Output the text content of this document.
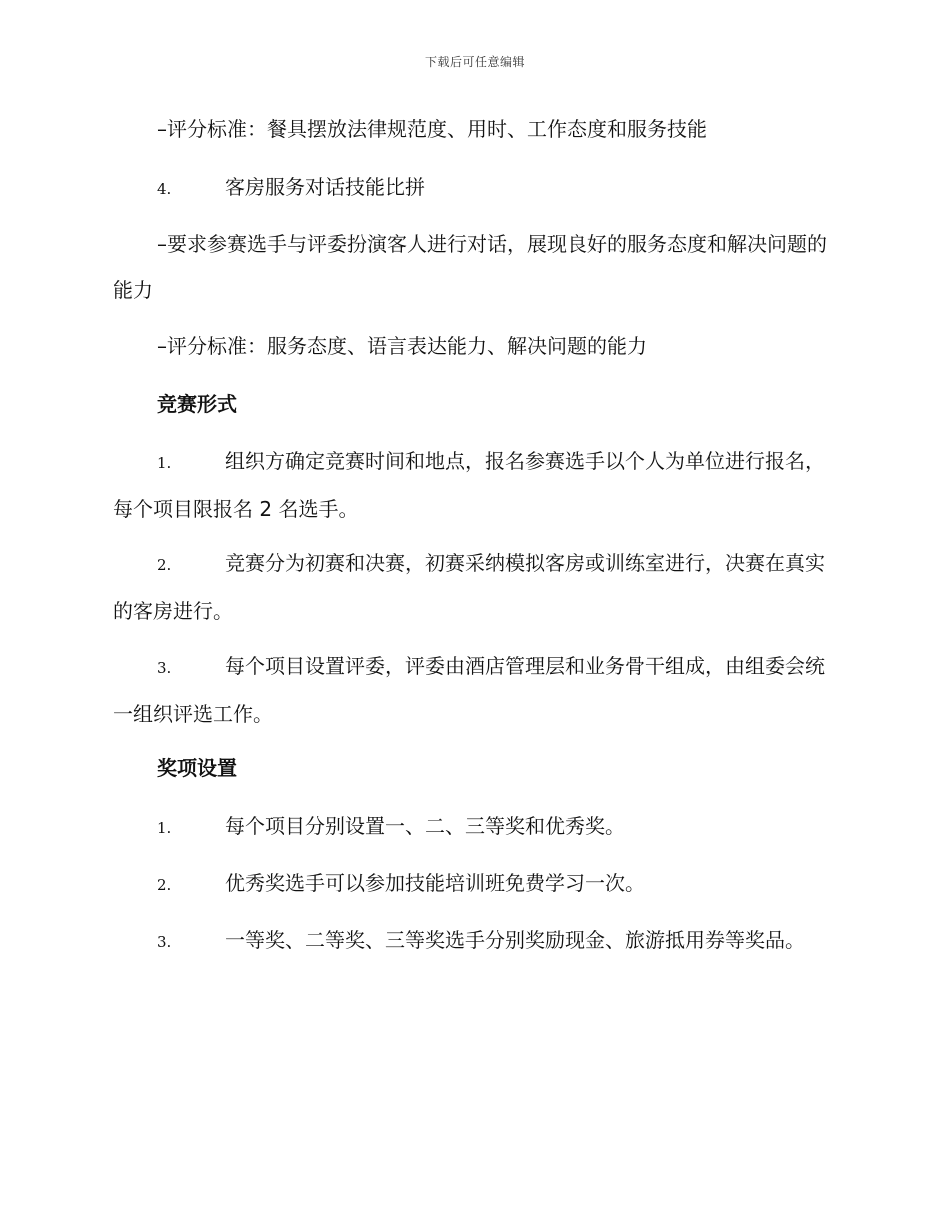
下载后可任意编辑

–评分标准：餐具摆放法律规范度、用时、工作态度和服务技能

4.	客房服务对话技能比拼

–要求参赛选手与评委扮演客人进行对话，展现良好的服务态度和解决问题的能力

–评分标准：服务态度、语言表达能力、解决问题的能力

竞赛形式
1.	组织方确定竞赛时间和地点，报名参赛选手以个人为单位进行报名，每个项目限报名 2 名选手。
2.	竞赛分为初赛和决赛，初赛采纳模拟客房或训练室进行，决赛在真实的客房进行。
3.	每个项目设置评委，评委由酒店管理层和业务骨干组成，由组委会统一组织评选工作。
奖项设置
1.	每个项目分别设置一、二、三等奖和优秀奖。
2.	优秀奖选手可以参加技能培训班免费学习一次。
3.	一等奖、二等奖、三等奖选手分别奖励现金、旅游抵用券等奖品。
